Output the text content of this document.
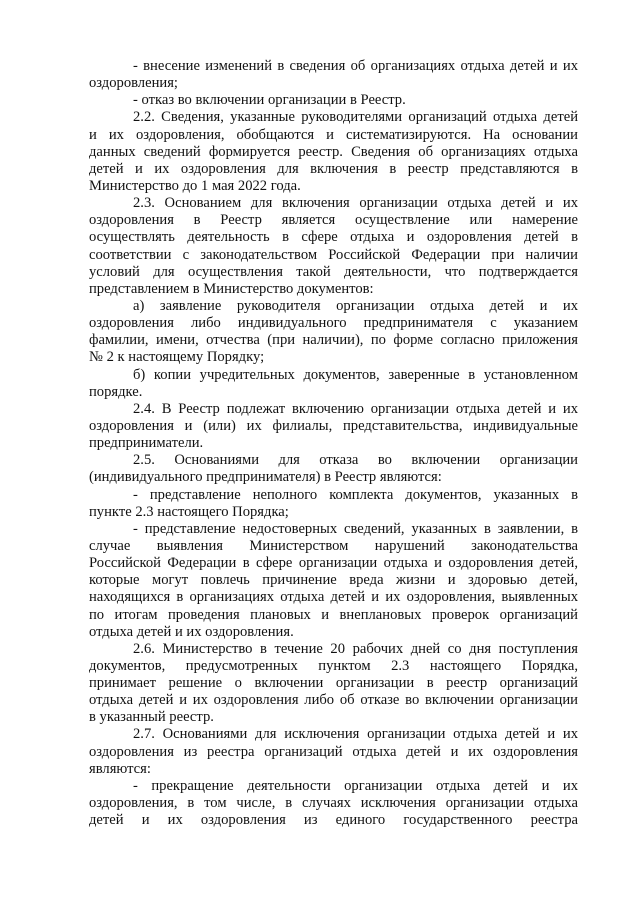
- внесение изменений в сведения об организациях отдыха детей и их
оздоровления;
- отказ во включении организации в Реестр.
2.2. Сведения, указанные руководителями организаций отдыха детей
и их оздоровления, обобщаются и систематизируются. На основании
данных сведений формируется реестр. Сведения об организациях отдыха
детей и их оздоровления для включения в реестр представляются в
Министерство до 1 мая 2022 года.
2.3. Основанием для включения организации отдыха детей и их
оздоровления в Реестр является осуществление или намерение
осуществлять деятельность в сфере отдыха и оздоровления детей в
соответствии с законодательством Российской Федерации при наличии
условий для осуществления такой деятельности, что подтверждается
представлением в Министерство документов:
а) заявление руководителя организации отдыха детей и их
оздоровления либо индивидуального предпринимателя с указанием
фамилии, имени, отчества (при наличии), по форме согласно приложения
№ 2 к настоящему Порядку;
б) копии учредительных документов, заверенные в установленном
порядке.
2.4. В Реестр подлежат включению организации отдыха детей и их
оздоровления и (или) их филиалы, представительства, индивидуальные
предприниматели.
2.5. Основаниями для отказа во включении организации
(индивидуального предпринимателя) в Реестр являются:
- представление неполного комплекта документов, указанных в
пункте 2.3 настоящего Порядка;
- представление недостоверных сведений, указанных в заявлении, в
случае выявления Министерством нарушений законодательства
Российской Федерации в сфере организации отдыха и оздоровления детей,
которые могут повлечь причинение вреда жизни и здоровью детей,
находящихся в организациях отдыха детей и их оздоровления, выявленных
по итогам проведения плановых и внеплановых проверок организаций
отдыха детей и их оздоровления.
2.6. Министерство в течение 20 рабочих дней со дня поступления
документов, предусмотренных пунктом 2.3 настоящего Порядка,
принимает решение о включении организации в реестр организаций
отдыха детей и их оздоровления либо об отказе во включении организации
в указанный реестр.
2.7. Основаниями для исключения организации отдыха детей и их
оздоровления из реестра организаций отдыха детей и их оздоровления
являются:
- прекращение деятельности организации отдыха детей и их
оздоровления, в том числе, в случаях исключения организации отдыха
детей и их оздоровления из единого государственного реестра
